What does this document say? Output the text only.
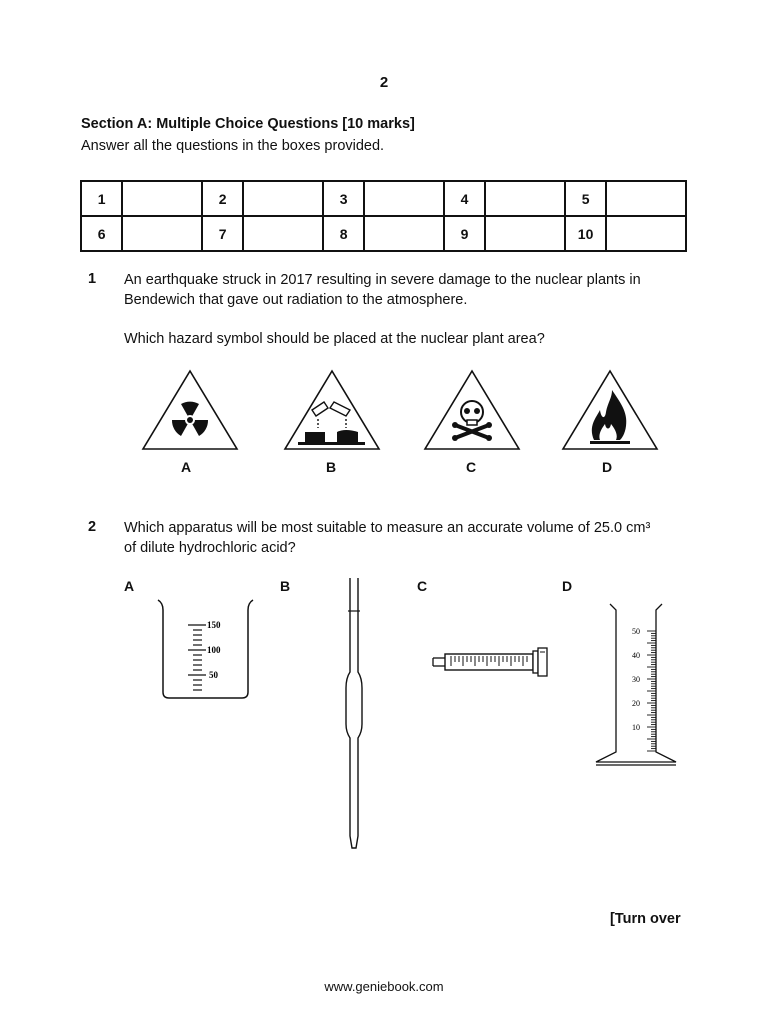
2
Section A: Multiple Choice Questions [10 marks]
Answer all the questions in the boxes provided.
1		2		3		4		5	
6		7		8		9		10	
1 An earthquake struck in 2017 resulting in severe damage to the nuclear plants in
Bendewich that gave out radiation to the atmosphere.
Which hazard symbol should be placed at the nuclear plant area?
A	B	C	D
2 Which apparatus will be most suitable to measure an accurate volume of 25.0 cm³
of dilute hydrochloric acid?
A	B	C	D
150
100
50
50
40
30
20
10
[Turn over
www.geniebook.com
